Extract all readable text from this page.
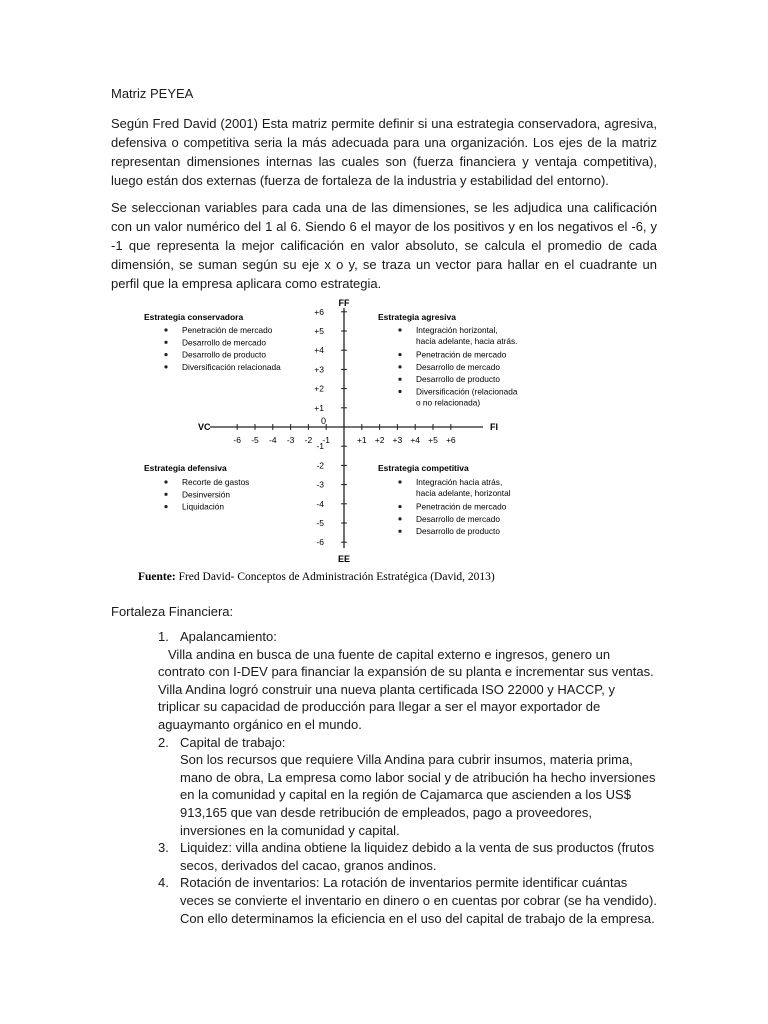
Matriz PEYEA

Según Fred David (2001) Esta matriz permite definir si una estrategia conservadora, agresiva, defensiva o competitiva seria la más adecuada para una organización. Los ejes de la matriz representan dimensiones internas las cuales son (fuerza financiera y ventaja competitiva), luego están dos externas (fuerza de fortaleza de la industria y estabilidad del entorno).

Se seleccionan variables para cada una de las dimensiones, se les adjudica una calificación con un valor numérico del 1 al 6. Siendo 6 el mayor de los positivos y en los negativos el -6, y -1 que representa la mejor calificación en valor absoluto, se calcula el promedio de cada dimensión, se suman según su eje x o y, se traza un vector para hallar en el cuadrante un perfil que la empresa aplicara como estrategia.

FF
EE
VC	FI
0
+6
+5
+4
+3
+2
+1
-1
-2
-3
-4
-5
-6
-6 -5 -4 -3 -2 -1	+1 +2 +3 +4 +5 +6
Estrategia conservadora
Penetración de mercado
Desarrollo de mercado
Desarrollo de producto
Diversificación relacionada
Estrategia agresiva
Integración horizontal, hacia adelante, hacia atrás.
Penetración de mercado
Desarrollo de mercado
Desarrollo de producto
Diversificación (relacionada o no relacionada)
Estrategia defensiva
Recorte de gastos
Desinversión
Liquidación
Estrategia competitiva
Integración hacia atrás, hacia adelante, horizontal
Penetración de mercado
Desarrollo de mercado
Desarrollo de producto
Fuente: Fred David- Conceptos de Administración Estratégica (David, 2013)
Fortaleza Financiera:
1. Apalancamiento:
Villa andina en busca de una fuente de capital externo e ingresos, genero un contrato con I-DEV para financiar la expansión de su planta e incrementar sus ventas. Villa Andina logró construir una nueva planta certificada ISO 22000 y HACCP, y triplicar su capacidad de producción para llegar a ser el mayor exportador de aguaymanto orgánico en el mundo.
2. Capital de trabajo:
Son los recursos que requiere Villa Andina para cubrir insumos, materia prima, mano de obra, La empresa como labor social y de atribución ha hecho inversiones en la comunidad y capital en la región de Cajamarca que ascienden a los US$ 913,165 que van desde retribución de empleados, pago a proveedores, inversiones en la comunidad y capital.
3. Liquidez: villa andina obtiene la liquidez debido a la venta de sus productos (frutos secos, derivados del cacao, granos andinos.
4. Rotación de inventarios: La rotación de inventarios permite identificar cuántas veces se convierte el inventario en dinero o en cuentas por cobrar (se ha vendido). Con ello determinamos la eficiencia en el uso del capital de trabajo de la empresa.
